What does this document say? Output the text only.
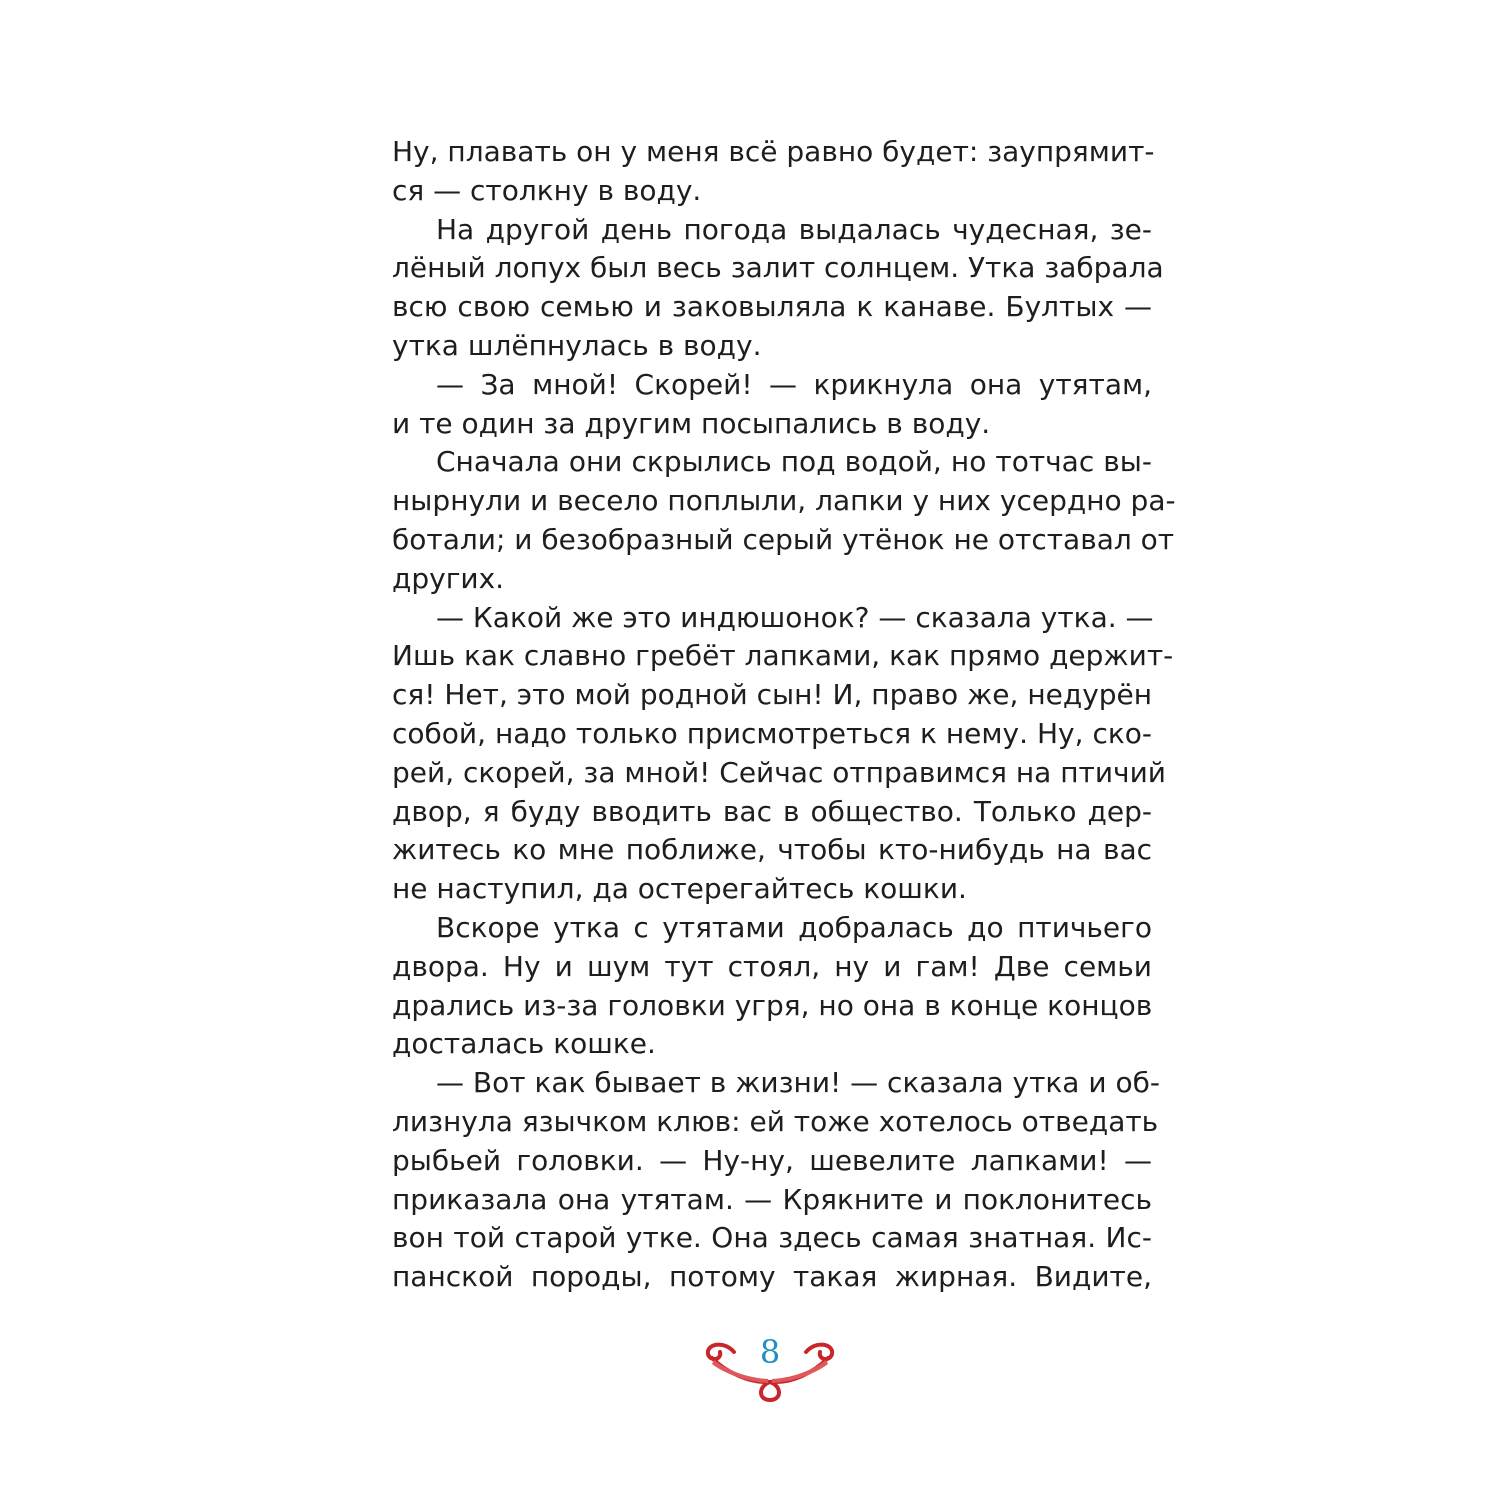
Ну, плавать он у меня всё равно будет: заупрямит-
ся — столкну в воду.
На другой день погода выдалась чудесная, зе-
лёный лопух был весь залит солнцем. Утка забрала
всю свою семью и заковыляла к канаве. Бултых —
утка шлёпнулась в воду.
— За мной! Скорей! — крикнула она утятам,
и те один за другим посыпались в воду.
Сначала они скрылись под водой, но тотчас вы-
нырнули и весело поплыли, лапки у них усердно ра-
ботали; и безобразный серый утёнок не отставал от
других.
— Какой же это индюшонок? — сказала утка. —
Ишь как славно гребёт лапками, как прямо держит-
ся! Нет, это мой родной сын! И, право же, недурён
собой, надо только присмотреться к нему. Ну, ско-
рей, скорей, за мной! Сейчас отправимся на птичий
двор, я буду вводить вас в общество. Только дер-
житесь ко мне поближе, чтобы кто-нибудь на вас
не наступил, да остерегайтесь кошки.
Вскоре утка с утятами добралась до птичьего
двора. Ну и шум тут стоял, ну и гам! Две семьи
дрались из-за головки угря, но она в конце концов
досталась кошке.
— Вот как бывает в жизни! — сказала утка и об-
лизнула язычком клюв: ей тоже хотелось отведать
рыбьей головки. — Ну-ну, шевелите лапками! —
приказала она утятам. — Крякните и поклонитесь
вон той старой утке. Она здесь самая знатная. Ис-
панской породы, потому такая жирная. Видите,
8
